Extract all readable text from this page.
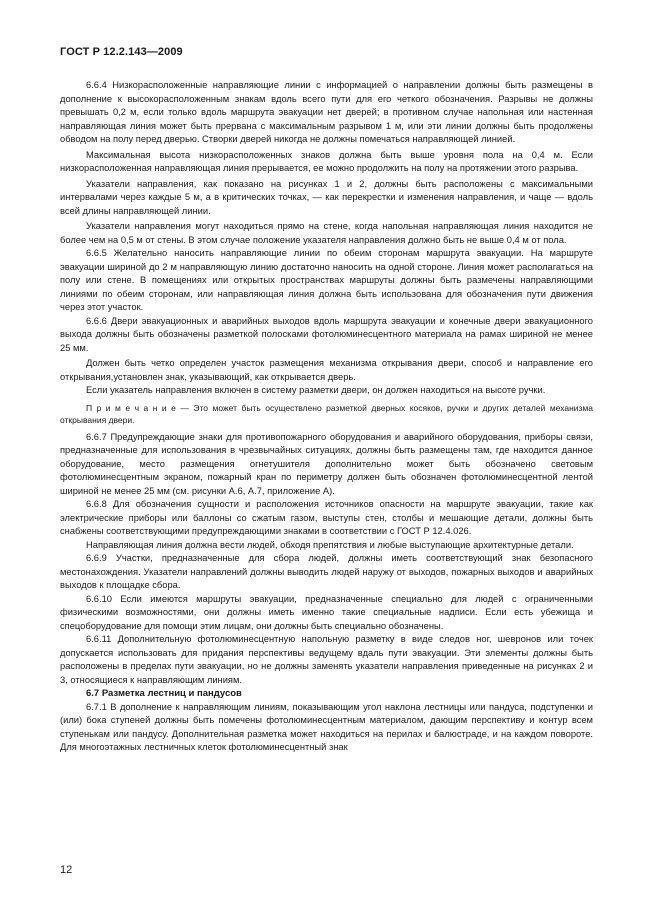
ГОСТ Р 12.2.143—2009

6.6.4 Низкорасположенные направляющие линии с информацией о направлении должны быть размещены в дополнение к высокорасположенным знакам вдоль всего пути для его четкого обозначения. Разрывы не должны превышать 0,2 м, если только вдоль маршрута эвакуации нет дверей; в противном случае напольная или настенная направляющая линия может быть прервана с максимальным разрывом 1 м, или эти линии должны быть продолжены обводом на полу перед дверью. Створки дверей никогда не должны помечаться направляющей линией.

Максимальная высота низкорасположенных знаков должна быть выше уровня пола на 0,4 м. Если низкорасположенная направляющая линия прерывается, ее можно продолжить на полу на протяжении этого разрыва.

Указатели направления, как показано на рисунках 1 и 2, должны быть расположены с максимальными интервалами через каждые 5 м, а в критических точках, — как перекрестки и изменения направления, и чаще — вдоль всей длины направляющей линии.

Указатели направления могут находиться прямо на стене, когда напольная направляющая линия находится не более чем на 0,5 м от стены. В этом случае положение указателя направления должно быть не выше 0,4 м от пола.

6.6.5 Желательно наносить направляющие линии по обеим сторонам маршрута эвакуации. На маршруте эвакуации шириной до 2 м направляющую линию достаточно наносить на одной стороне. Линия может располагаться на полу или стене. В помещениях или открытых пространствах маршруты должны быть размечены направляющими линиями по обеим сторонам, или направляющая линия должна быть использована для обозначения пути движения через этот участок.

6.6.6 Двери эвакуационных и аварийных выходов вдоль маршрута эвакуации и конечные двери эвакуационного выхода должны быть обозначены разметкой полосками фотолюминесцентного материала на рамах шириной не менее 25 мм.

Должен быть четко определен участок размещения механизма открывания двери, способ и направление его открывания,установлен знак, указывающий, как открывается дверь.

Если указатель направления включен в систему разметки двери, он должен находиться на высоте ручки.

П р и м е ч а н и е — Это может быть осуществлено разметкой дверных косяков, ручки и других деталей механизма открывания двери.

6.6.7 Предупреждающие знаки для противопожарного оборудования и аварийного оборудования, приборы связи, предназначенные для использования в чрезвычайных ситуациях, должны быть размещены там, где находится данное оборудование, место размещения огнетушителя дополнительно может быть обозначено световым фотолюминесцентным экраном, пожарный кран по периметру должен быть обозначен фотолюминесцентной лентой шириной не менее 25 мм (см. рисунки А.6, А.7, приложение А).

6.6.8 Для обозначения сущности и расположения источников опасности на маршруте эвакуации, такие как электрические приборы или баллоны со сжатым газом, выступы стен, столбы и мешающие детали, должны быть снабжены соответствующими предупреждающими знаками в соответствии с ГОСТ Р 12.4.026.

Направляющая линия должна вести людей, обходя препятствия и любые выступающие архитектурные детали.

6.6.9 Участки, предназначенные для сбора людей, должны иметь соответствующий знак безопасного местонахождения. Указатели направлений должны выводить людей наружу от выходов, пожарных выходов и аварийных выходов к площадке сбора.

6.6.10 Если имеются маршруты эвакуации, предназначенные специально для людей с ограниченными физическими возможностями, они должны иметь именно такие специальные надписи. Если есть убежища и спецоборудование для помощи этим лицам, они должны быть специально обозначены.

6.6.11 Дополнительную фотолюминесцентную напольную разметку в виде следов ног, шевронов или точек допускается использовать для придания перспективы ведущему вдаль пути эвакуации. Эти элементы должны быть расположены в пределах пути эвакуации, но не должны заменять указатели направления приведенные на рисунках 2 и 3, относящиеся к направляющим линиям.

6.7 Разметка лестниц и пандусов

6.7.1 В дополнение к направляющим линиям, показывающим угол наклона лестницы или пандуса, подступенки и (или) бока ступеней должны быть помечены фотолюминесцентным материалом, дающим перспективу и контур всем ступенькам или пандусу. Дополнительная разметка может находиться на перилах и балюстраде, и на каждом повороте. Для многоэтажных лестничных клеток фотолюминесцентный знак

12
